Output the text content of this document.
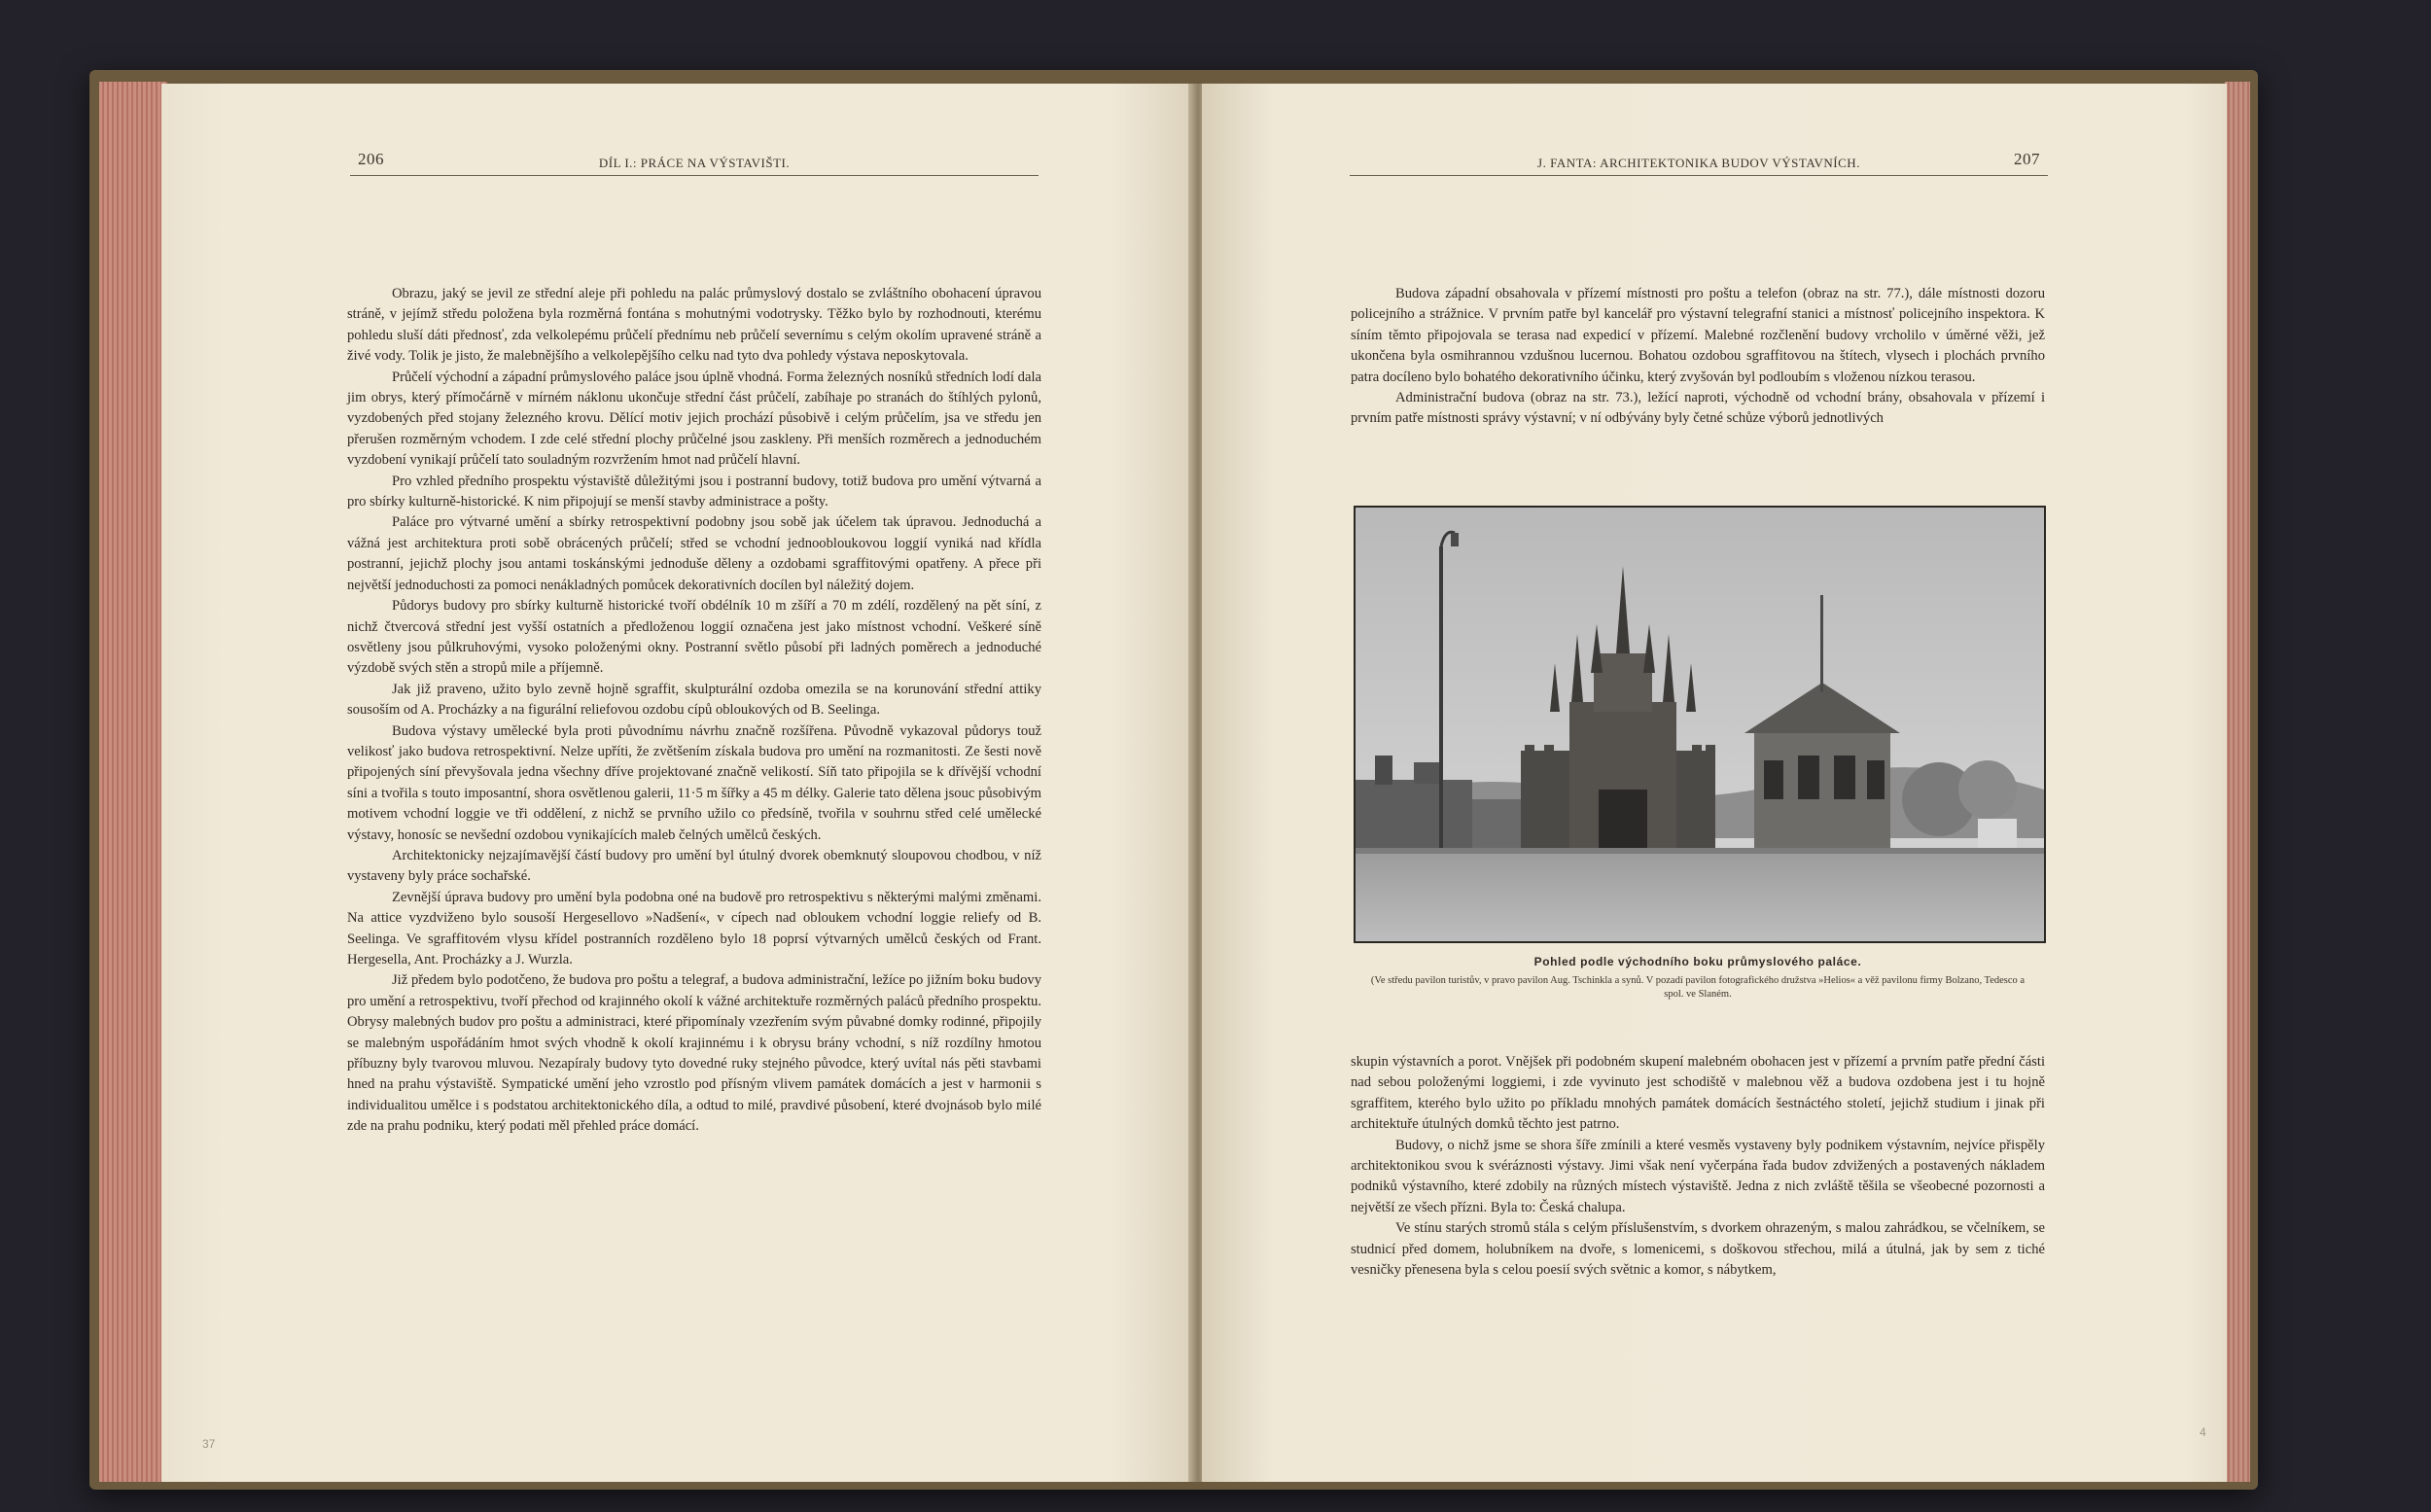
206	DÍL I.: PRÁCE NA VÝSTAVIŠTI.

Obrazu, jaký se jevil ze střední aleje při pohledu na palác průmyslový dostalo se zvláštního obohacení úpravou stráně, v jejímž středu položena byla rozměrná fontána s mohutnými vodotrysky. Těžko bylo by rozhodnouti, kterému pohledu sluší dáti přednosť, zda velkolepému průčelí přednímu neb průčelí severnímu s celým okolím upravené stráně a živé vody. Tolik je jisto, že malebnějšího a velkolepějšího celku nad tyto dva pohledy výstava neposkytovala.

Průčelí východní a západní průmyslového paláce jsou úplně vhodná. Forma železných nosníků středních lodí dala jim obrys, který přímočárně v mírném náklonu ukončuje střední část průčelí, zabíhaje po stranách do štíhlých pylonů, vyzdobených před stojany železného krovu. Dělící motiv jejich prochází působivě i celým průčelím, jsa ve středu jen přerušen rozměrným vchodem. I zde celé střední plochy průčelné jsou zaskleny. Při menších rozměrech a jednoduchém vyzdobení vynikají průčelí tato souladným rozvržením hmot nad průčelí hlavní.

Pro vzhled předního prospektu výstaviště důležitými jsou i postranní budovy, totiž budova pro umění výtvarná a pro sbírky kulturně-historické. K nim připojují se menší stavby administrace a pošty.

Paláce pro výtvarné umění a sbírky retrospektivní podobny jsou sobě jak účelem tak úpravou. Jednoduchá a vážná jest architektura proti sobě obrácených průčelí; střed se vchodní jednoobloukovou loggií vyniká nad křídla postranní, jejichž plochy jsou antami toskánskými jednoduše děleny a ozdobami sgraffitovými opatřeny. A přece při největší jednoduchosti za pomoci nenákladných pomůcek dekorativních docílen byl náležitý dojem.

Půdorys budovy pro sbírky kulturně historické tvoří obdélník 10 m zšíří a 70 m zdélí, rozdělený na pět síní, z nichž čtvercová střední jest vyšší ostatních a předloženou loggií označena jest jako místnost vchodní. Veškeré síně osvětleny jsou půlkruhovými, vysoko položenými okny. Postranní světlo působí při ladných poměrech a jednoduché výzdobě svých stěn a stropů mile a příjemně.

Jak již praveno, užito bylo zevně hojně sgraffit, skulpturální ozdoba omezila se na korunování střední attiky sousoším od A. Procházky a na figurální reliefovou ozdobu cípů obloukových od B. Seelinga.

Budova výstavy umělecké byla proti původnímu návrhu značně rozšířena. Původně vykazoval půdorys touž velikosť jako budova retrospektivní. Nelze upříti, že zvětšením získala budova pro umění na rozmanitosti. Ze šesti nově připojených síní převyšovala jedna všechny dříve projektované značně velikostí. Síň tato připojila se k dřívější vchodní síni a tvořila s touto imposantní, shora osvětlenou galerii, 11·5 m šířky a 45 m délky. Galerie tato dělena jsouc působivým motivem vchodní loggie ve tři oddělení, z nichž se prvního užilo co předsíně, tvořila v souhrnu střed celé umělecké výstavy, honosíc se nevšední ozdobou vynikajících maleb čelných umělců českých.

Architektonicky nejzajímavější částí budovy pro umění byl útulný dvorek obemknutý sloupovou chodbou, v níž vystaveny byly práce sochařské.

Zevnější úprava budovy pro umění byla podobna oné na budově pro retrospektivu s některými malými změnami. Na attice vyzdviženo bylo sousoší Hergesellovo »Nadšení«, v cípech nad obloukem vchodní loggie reliefy od B. Seelinga. Ve sgraffitovém vlysu křídel postranních rozděleno bylo 18 poprsí výtvarných umělců českých od Frant. Hergesella, Ant. Procházky a J. Wurzla.

Již předem bylo podotčeno, že budova pro poštu a telegraf, a budova administrační, ležíce po jižním boku budovy pro umění a retrospektivu, tvoří přechod od krajinného okolí k vážné architektuře rozměrných paláců předního prospektu. Obrysy malebných budov pro poštu a administraci, které připomínaly vzezřením svým půvabné domky rodinné, připojily se malebným uspořádáním hmot svých vhodně k okolí krajinnému i k obrysu brány vchodní, s níž rozdílny hmotou příbuzny byly tvarovou mluvou. Nezapíraly budovy tyto dovedné ruky stejného původce, který uvítal nás pěti stavbami hned na prahu výstaviště. Sympatické umění jeho vzrostlo pod přísným vlivem památek domácích a jest v harmonii s individualitou umělce i s podstatou architektonického díla, a odtud to milé, pravdivé působení, které dvojnásob bylo milé zde na prahu podniku, který podati měl přehled práce domácí.

37
J. FANTA: ARCHITEKTONIKA BUDOV VÝSTAVNÍCH.	207

Budova západní obsahovala v přízemí místnosti pro poštu a telefon (obraz na str. 77.), dále místnosti dozoru policejního a strážnice. V prvním patře byl kancelář pro výstavní telegrafní stanici a místnosť policejního inspektora. K síním těmto připojovala se terasa nad expedicí v přízemí. Malebné rozčlenění budovy vrcholilo v úměrné věži, jež ukončena byla osmihrannou vzdušnou lucernou. Bohatou ozdobou sgraffitovou na štítech, vlysech i plochách prvního patra docíleno bylo bohatého dekorativního účinku, který zvyšován byl podloubím s vloženou nízkou terasou.

Administrační budova (obraz na str. 73.), ležící naproti, východně od vchodní brány, obsahovala v přízemí i prvním patře místnosti správy výstavní; v ní odbývány byly četné schůze výborů jednotlivých

Pohled podle východního boku průmyslového paláce.
(Ve středu pavilon turistův, v pravo pavilon Aug. Tschinkla a synů. V pozadí pavilon fotografického družstva »Helios« a věž pavilonu firmy Bolzano, Tedesco a spol. ve Slaném.

skupin výstavních a porot. Vnějšek při podobném skupení malebném obohacen jest v přízemí a prvním patře přední části nad sebou položenými loggiemi, i zde vyvinuto jest schodiště v malebnou věž a budova ozdobena jest i tu hojně sgraffitem, kterého bylo užito po příkladu mnohých památek domácích šestnáctého století, jejichž studium i jinak při architektuře útulných domků těchto jest patrno.

Budovy, o nichž jsme se shora šíře zmínili a které vesměs vystaveny byly podnikem výstavním, nejvíce přispěly architektonikou svou k svéráznosti výstavy. Jimi však není vyčerpána řada budov zdvižených a postavených nákladem podniků výstavního, které zdobily na různých místech výstaviště. Jedna z nich zvláště těšila se všeobecné pozornosti a největší ze všech přízni. Byla to: Česká chalupa.

Ve stínu starých stromů stála s celým příslušenstvím, s dvorkem ohrazeným, s malou zahrádkou, se včelníkem, se studnicí před domem, holubníkem na dvoře, s lomenicemi, s doškovou střechou, milá a útulná, jak by sem z tiché vesničky přenesena byla s celou poesií svých světnic a komor, s nábytkem,

4
